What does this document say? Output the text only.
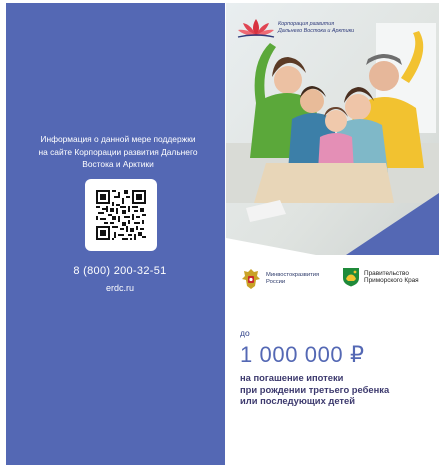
Информация о данной мере поддержки на сайте Корпорации развития Дальнего Востока и Арктики
8 (800) 200-32-51
erdc.ru
Корпорация развития
Дальнего Востока и Арктики
Минвостокразвития
России
Правительство
Приморского Края
до
1 000 000 ₽
на погашение ипотеки
при рождении третьего ребенка
или последующих детей
